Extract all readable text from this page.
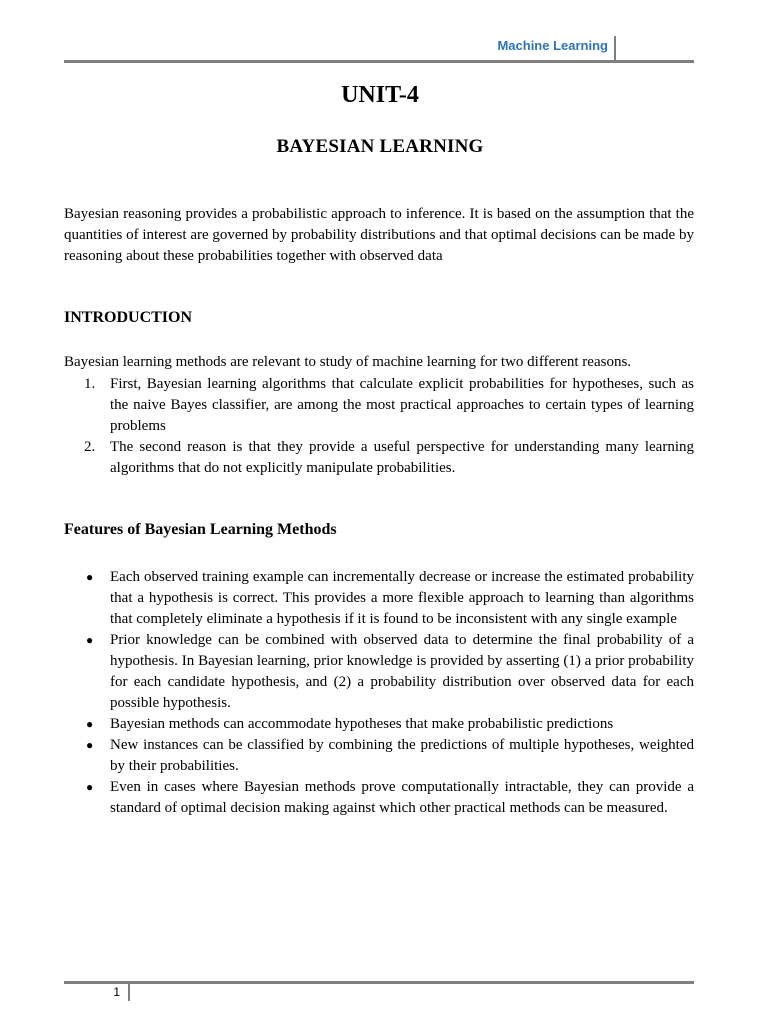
Machine Learning
UNIT-4
BAYESIAN LEARNING

Bayesian reasoning provides a probabilistic approach to inference. It is based on the assumption that the quantities of interest are governed by probability distributions and that optimal decisions can be made by reasoning about these probabilities together with observed data

INTRODUCTION

Bayesian learning methods are relevant to study of machine learning for two different reasons.

1. First, Bayesian learning algorithms that calculate explicit probabilities for hypotheses, such as the naive Bayes classifier, are among the most practical approaches to certain types of learning problems
2. The second reason is that they provide a useful perspective for understanding many learning algorithms that do not explicitly manipulate probabilities.
Features of Bayesian Learning Methods
● Each observed training example can incrementally decrease or increase the estimated probability that a hypothesis is correct. This provides a more flexible approach to learning than algorithms that completely eliminate a hypothesis if it is found to be inconsistent with any single example
● Prior knowledge can be combined with observed data to determine the final probability of a hypothesis. In Bayesian learning, prior knowledge is provided by asserting (1) a prior probability for each candidate hypothesis, and (2) a probability distribution over observed data for each possible hypothesis.
● Bayesian methods can accommodate hypotheses that make probabilistic predictions
● New instances can be classified by combining the predictions of multiple hypotheses, weighted by their probabilities.
● Even in cases where Bayesian methods prove computationally intractable, they can provide a standard of optimal decision making against which other practical methods can be measured.
1
